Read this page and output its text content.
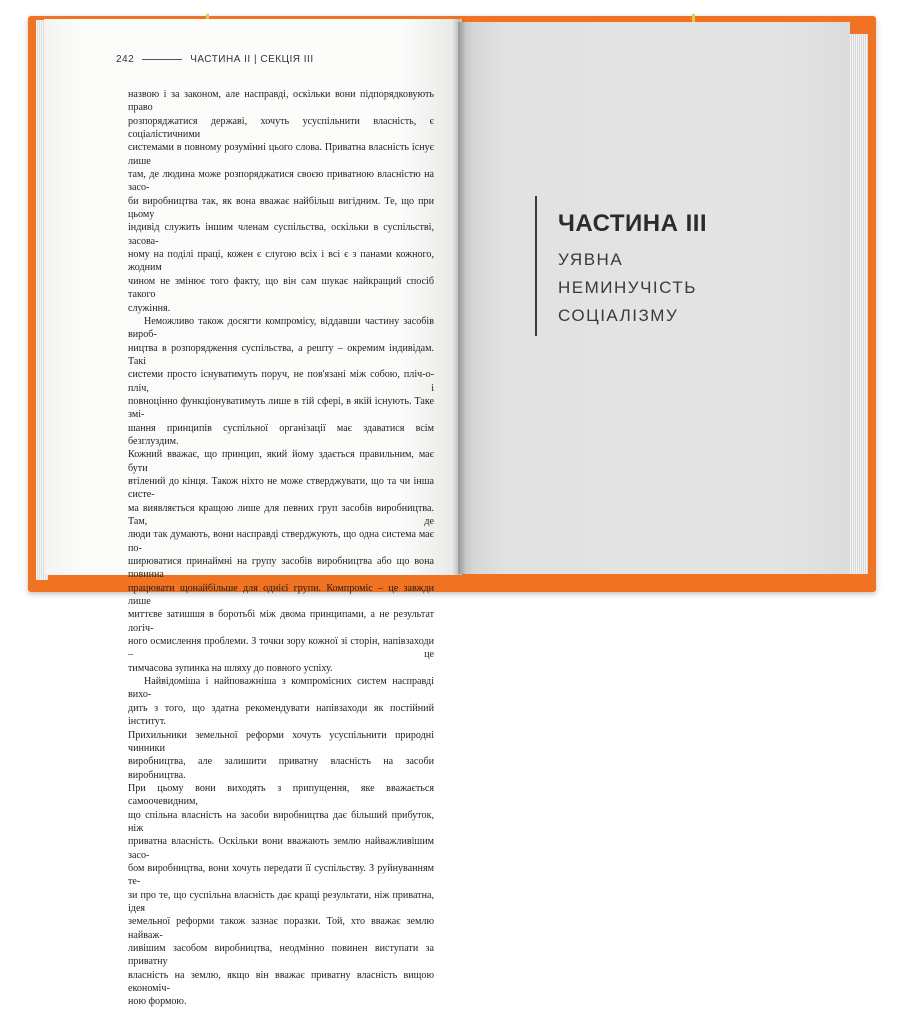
242	ЧАСТИНА II | СЕКЦІЯ III

назвою і за законом, але насправді, оскільки вони підпорядковують право

розпоряджатися державі, хочуть усуспільнити власність, є соціалістичними

системами в повному розумінні цього слова. Приватна власність існує лише

там, де людина може розпоряджатися своєю приватною власністю на засо-

би виробництва так, як вона вважає найбільш вигідним. Те, що при цьому

індивід служить іншим членам суспільства, оскільки в суспільстві, засова-

ному на поділі праці, кожен є слугою всіх і всі є з панами кожного, жодним

чином не змінює того факту, що він сам шукає найкращий спосіб такого

служіння.

Неможливо також досягти компромісу, віддавши частину засобів вироб-

ництва в розпорядження суспільства, а решту – окремим індивідам. Такі

системи просто існуватимуть поруч, не пов'язані між собою, пліч-о-пліч, і

повноцінно функціонуватимуть лише в тій сфері, в якій існують. Таке змі-

шання принципів суспільної організації має здаватися всім безглуздим.

Кожний вважає, що принцип, який йому здається правильним, має бути

втілений до кінця. Також ніхто не може стверджувати, що та чи інша систе-

ма виявляється кращою лише для певних груп засобів виробництва. Там, де

люди так думають, вони насправді стверджують, що одна система має по-

ширюватися принаймні на групу засобів виробництва або що вона повинна

працювати щонайбільше для однієї групи. Компроміс – це завжди лише

миттєве затишшя в боротьбі між двома принципами, а не результат логіч-

ного осмислення проблеми. З точки зору кожної зі сторін, напівзаходи – це

тимчасова зупинка на шляху до повного успіху.

Найвідоміша і найповажніша з компромісних систем насправді вихо-

дить з того, що здатна рекомендувати напівзаходи як постійний інститут.

Прихильники земельної реформи хочуть усуспільнити природні чинники

виробництва, але залишити приватну власність на засоби виробництва.

При цьому вони виходять з припущення, яке вважається самоочевидним,

що спільна власність на засоби виробництва дає більший прибуток, ніж

приватна власність. Оскільки вони вважають землю найважливішим засо-

бом виробництва, вони хочуть передати її суспільству. З руйнуванням те-

зи про те, що суспільна власність дає кращі результати, ніж приватна, ідея

земельної реформи також зазнає поразки. Той, хто вважає землю найваж-

ливішим засобом виробництва, неодмінно повинен виступати за приватну

власність на землю, якщо він вважає приватну власність вищою економіч-

ною формою.

ЧАСТИНА III
УЯВНА
НЕМИНУЧІСТЬ
СОЦІАЛІЗМУ
